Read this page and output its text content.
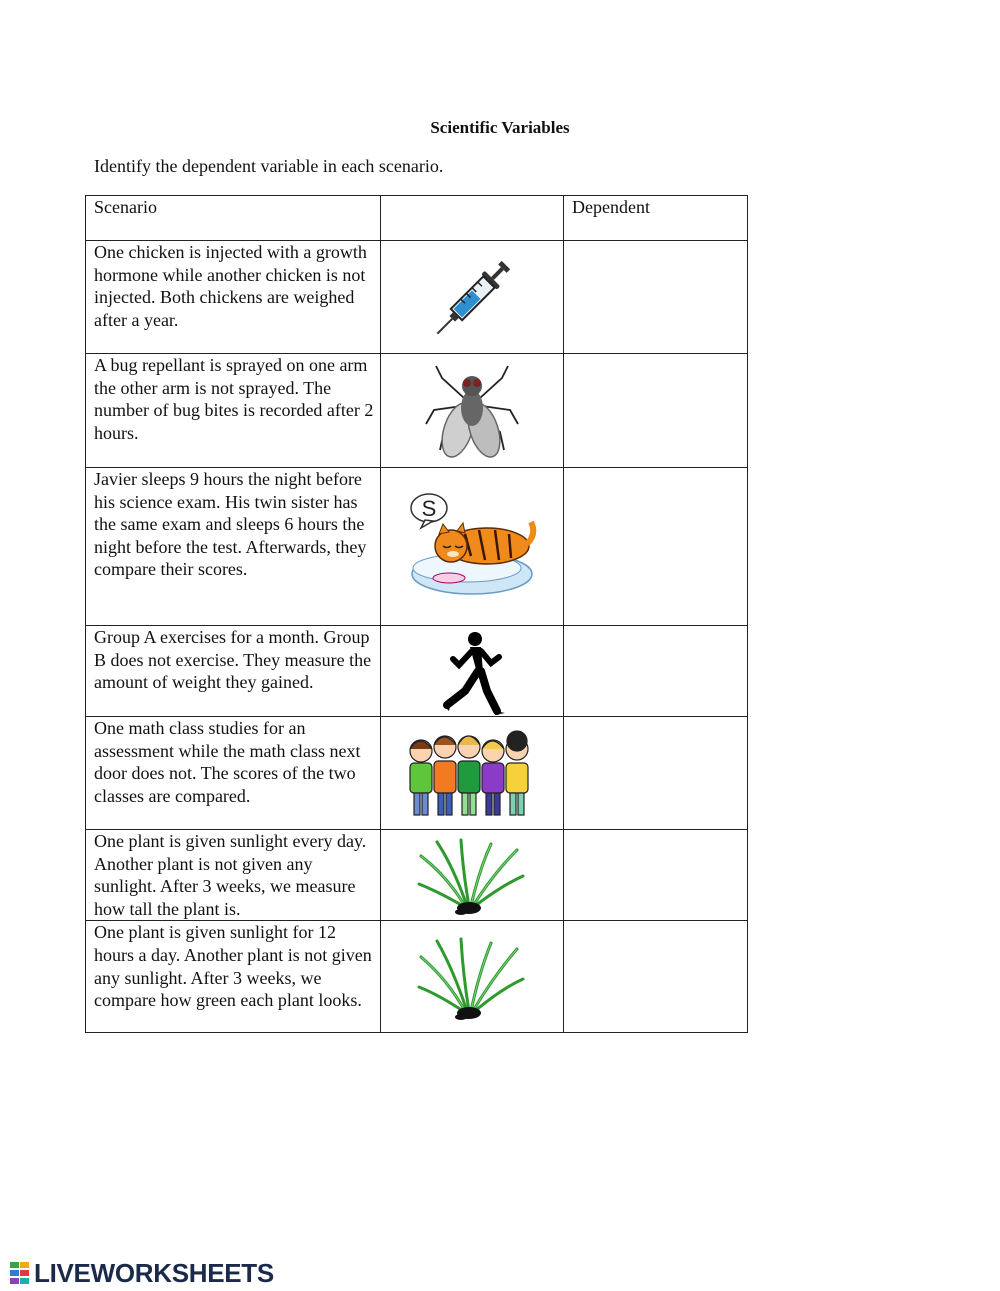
Scientific Variables
Identify the dependent variable in each scenario.
Scenario		Dependent

One chicken is injected with a growth hormone while another chicken is not injected. Both chickens are weighed after a year.

A bug repellant is sprayed on one arm the other arm is not sprayed. The number of bug bites is recorded after 2 hours.

Javier sleeps 9 hours the night before his science exam. His twin sister has the same exam and sleeps 6 hours the night before the test. Afterwards, they compare their scores.	S	

Group A exercises for a month. Group B does not exercise. They measure the amount of weight they gained.

One math class studies for an assessment while the math class next door does not. The scores of the two classes are compared.

One plant is given sunlight every day. Another plant is not given any sunlight. After 3 weeks, we measure how tall the plant is.

One plant is given sunlight for 12 hours a day. Another plant is not given any sunlight. After 3 weeks, we compare how green each plant looks.

LIVEWORKSHEETS
